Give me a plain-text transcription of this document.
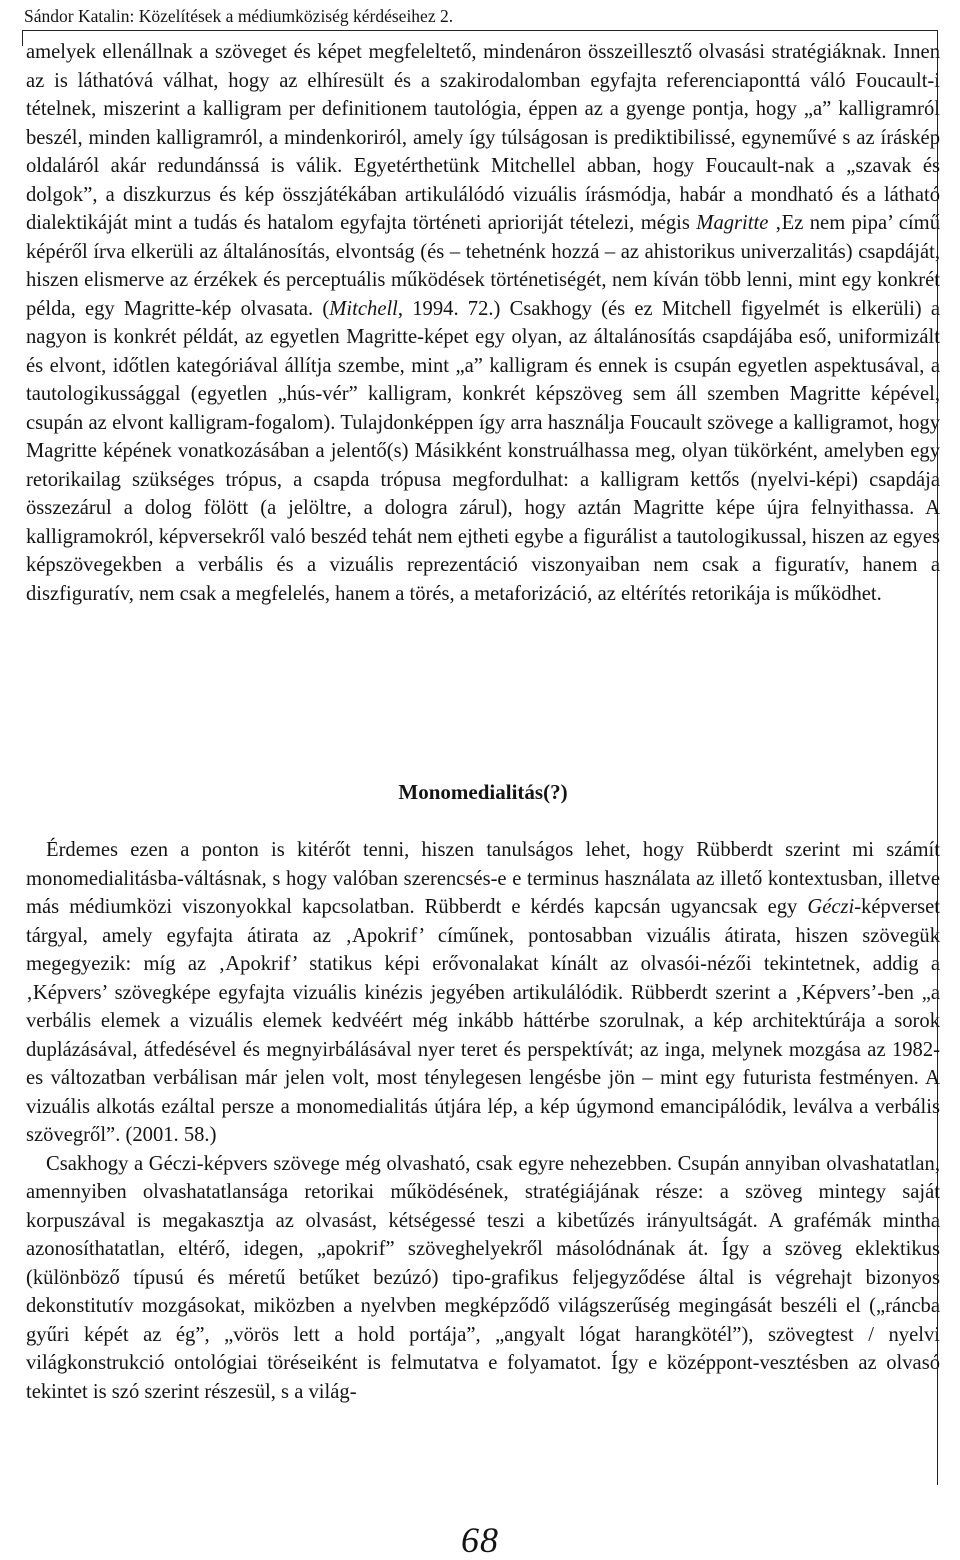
Sándor Katalin: Közelítések a médiumköziség kérdéseihez 2.

amelyek ellenállnak a szöveget és képet megfeleltető, mindenáron összeillesztő olvasási stratégiáknak. Innen az is láthatóvá válhat, hogy az elhíresült és a szakirodalomban egyfajta referenciaponttá váló Foucault-i tételnek, miszerint a kalligram per definitionem tautológia, éppen az a gyenge pontja, hogy „a” kalligramról beszél, minden kalligramról, a mindenkoriról, amely így túlságosan is prediktibilissé, egyneművé s az íráskép oldaláról akár redundánssá is válik. Egyetérthetünk Mitchellel abban, hogy Foucault-nak a „szavak és dolgok”, a diszkurzus és kép összjátékában artikulálódó vizuális írásmódja, habár a mondható és a látható dialektikáját mint a tudás és hatalom egyfajta történeti aprioriját tételezi, mégis Magritte ‚Ez nem pipa’ című képéről írva elkerüli az általánosítás, elvontság (és – tehetnénk hozzá – az ahistorikus univerzalitás) csapdáját, hiszen elismerve az érzékek és perceptuális működések történetiségét, nem kíván több lenni, mint egy konkrét példa, egy Magritte-kép olvasata. (Mitchell, 1994. 72.) Csakhogy (és ez Mitchell figyelmét is elkerüli) a nagyon is konkrét példát, az egyetlen Magritte-képet egy olyan, az általánosítás csapdájába eső, uniformizált és elvont, időtlen kategóriával állítja szembe, mint „a” kalligram és ennek is csupán egyetlen aspektusával, a tautologikussággal (egyetlen „hús-vér” kalligram, konkrét képszöveg sem áll szemben Magritte képével, csupán az elvont kalligram-fogalom). Tulajdonképpen így arra használja Foucault szövege a kalligramot, hogy Magritte képének vonatkozásában a jelentő(s) Másikként konstruálhassa meg, olyan tükörként, amelyben egy retorikailag szükséges trópus, a csapda trópusa megfordulhat: a kalligram kettős (nyelvi-képi) csapdája összezárul a dolog fölött (a jelöltre, a dologra zárul), hogy aztán Magritte képe újra felnyithassa. A kalligramokról, képversekről való beszéd tehát nem ejtheti egybe a figurálist a tautologikussal, hiszen az egyes képszövegekben a verbális és a vizuális reprezentáció viszonyaiban nem csak a figuratív, hanem a diszfiguratív, nem csak a megfelelés, hanem a törés, a metaforizáció, az eltérítés retorikája is működhet.

Monomedialitás(?)

Érdemes ezen a ponton is kitérőt tenni, hiszen tanulságos lehet, hogy Rübberdt szerint mi számít monomedialitásba-váltásnak, s hogy valóban szerencsés-e e terminus használata az illető kontextusban, illetve más médiumközi viszonyokkal kapcsolatban. Rübberdt e kérdés kapcsán ugyancsak egy Géczi-képverset tárgyal, amely egyfajta átirata az ‚Apokrif’ címűnek, pontosabban vizuális átirata, hiszen szövegük megegyezik: míg az ‚Apokrif’ statikus képi erővonalakat kínált az olvasói-nézői tekintetnek, addig a ‚Képvers’ szövegképe egyfajta vizuális kinézis jegyében artikulálódik. Rübberdt szerint a ‚Képvers’-ben „a verbális elemek a vizuális elemek kedvéért még inkább háttérbe szorulnak, a kép architektúrája a sorok duplázásával, átfedésével és megnyirbálásával nyer teret és perspektívát; az inga, melynek mozgása az 1982-es változatban verbálisan már jelen volt, most ténylegesen lengésbe jön – mint egy futurista festményen. A vizuális alkotás ezáltal persze a monomedialitás útjára lép, a kép úgymond emancipálódik, leválva a verbális szövegről”. (2001. 58.)

Csakhogy a Géczi-képvers szövege még olvasható, csak egyre nehezebben. Csupán annyiban olvashatatlan, amennyiben olvashatatlansága retorikai működésének, stratégiájának része: a szöveg mintegy saját korpuszával is megakasztja az olvasást, kétségessé teszi a kibetűzés irányultságát. A grafémák mintha azonosíthatatlan, eltérő, idegen, „apokrif” szöveghelyekről másolódnának át. Így a szöveg eklektikus (különböző típusú és méretű betűket bezúzó) tipo-grafikus feljegyződése által is végrehajt bizonyos dekonstitutív mozgásokat, miközben a nyelvben megképződő világszerűség megingását beszéli el („ráncba gyűri képét az ég”, „vörös lett a hold portája”, „angyalt lógat harangkötél”), szövegtest / nyelvi világkonstrukció ontológiai töréseiként is felmutatva e folyamatot. Így e középpont-vesztésben az olvasó tekintet is szó szerint részesül, s a világ-

68
